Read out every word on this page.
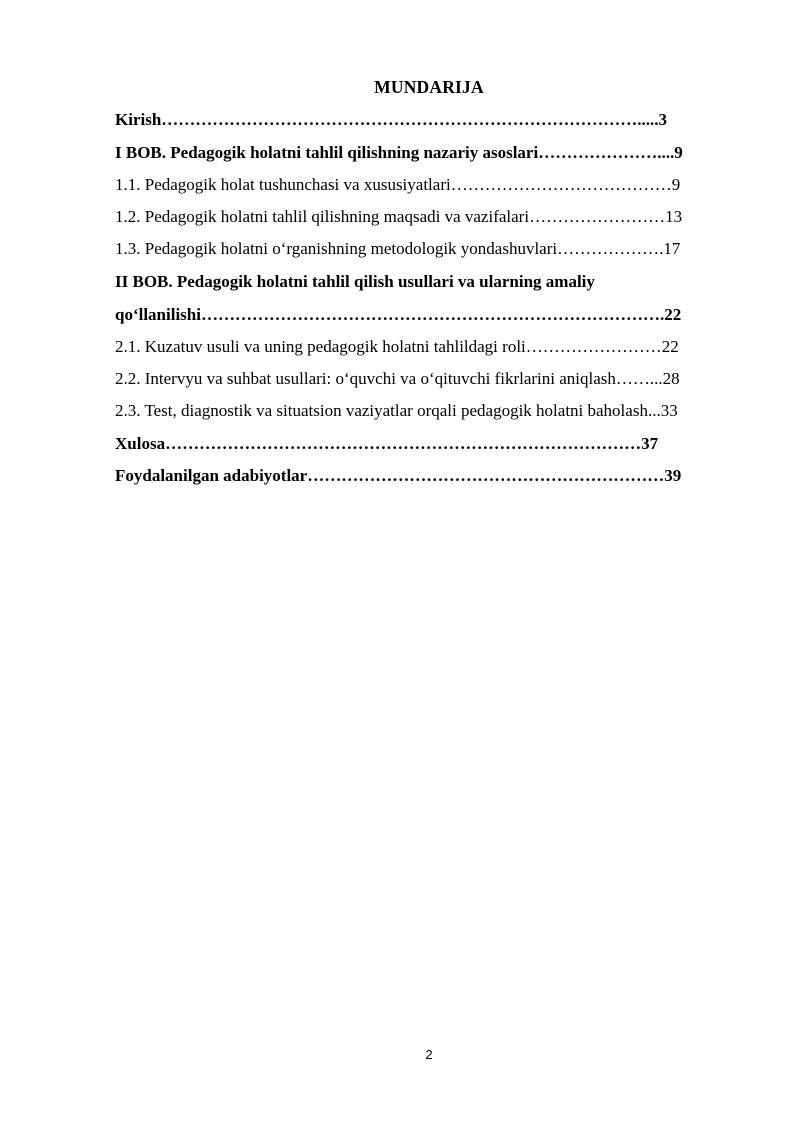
MUNDARIJA
Kirish………………………………………………………………………….....3
I BOB. Pedagogik holatni tahlil qilishning nazariy asoslari…………………....9
1.1. Pedagogik holat tushunchasi va xususiyatlari…………………………………9
1.2. Pedagogik holatni tahlil qilishning maqsadi va vazifalari……………………13
1.3. Pedagogik holatni o‘rganishning metodologik yondashuvlari……………….17
II BOB. Pedagogik holatni tahlil qilish usullari va ularning amaliy
qo‘llanilishi……………………………………………………………………….22
2.1. Kuzatuv usuli va uning pedagogik holatni tahlildagi roli……………………22
2.2. Intervyu va suhbat usullari: o‘quvchi va o‘qituvchi fikrlarini aniqlash……...28
2.3. Test, diagnostik va situatsion vaziyatlar orqali pedagogik holatni baholash...33
Xulosa…………………………………………………………………………37
Foydalanilgan adabiyotlar………………………………………………………39
2
